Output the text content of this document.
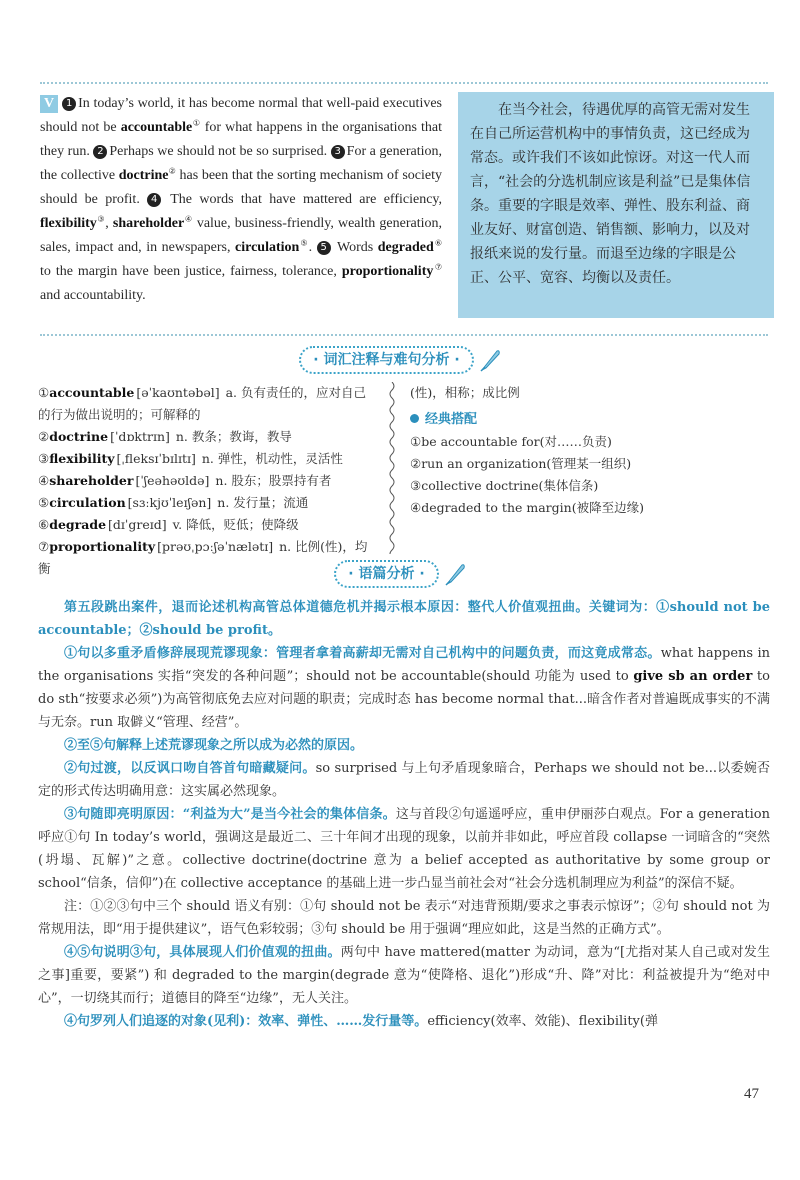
V 1 In today’s world, it has become normal that well-paid executives should not be accountable① for what happens in the organisations that they run. 2 Perhaps we should not be so surprised. 3 For a generation, the collective doctrine② has been that the sorting mechanism of society should be profit. 4 The words that have mattered are efficiency, flexibility③, shareholder④ value, business-friendly, wealth generation, sales, impact and, in newspapers, circulation⑤. 5 Words degraded⑥ to the margin have been justice, fairness, tolerance, proportionality⑦ and accountability.
在当今社会，待遇优厚的高管无需对发生在自己所运营机构中的事情负责，这已经成为常态。或许我们不该如此惊讶。对这一代人而言，“社会的分选机制应该是利益”已是集体信条。重要的字眼是效率、弹性、股东利益、商业友好、财富创造、销售额、影响力，以及对报纸来说的发行量。而退至边缘的字眼是公正、公平、宽容、均衡以及责任。
· 词汇注释与难句分析 ·
①accountable [əˈkaʊntəbəl] a. 负有责任的，应对自己的行为做出说明的；可解释的
②doctrine [ˈdɒktrɪn] n. 教条；教诲，教导
③flexibility [ˌfleksɪˈbɪlɪtɪ] n. 弹性，机动性，灵活性
④shareholder [ˈʃeəhəʊldə] n. 股东；股票持有者
⑤circulation [sɜːkjʊˈleɪʃən] n. 发行量；流通
⑥degrade [dɪˈgreɪd] v. 降低，贬低；使降级
⑦proportionality [prəʊˌpɔːʃəˈnælətɪ] n. 比例(性)，均衡
(性)，相称；成比例
经典搭配
①be accountable for(对……负责)
②run an organization(管理某一组织)
③collective doctrine(集体信条)
④degraded to the margin(被降至边缘)
· 语篇分析 ·

第五段跳出案件，退而论述机构高管总体道德危机并揭示根本原因：整代人价值观扭曲。关键词为：①should not be accountable；②should be profit。

①句以多重矛盾修辞展现荒谬现象：管理者拿着高薪却无需对自己机构中的问题负责，而这竟成常态。what happens in the organisations 实指“突发的各种问题”；should not be accountable(should 功能为 used to give sb an order to do sth“按要求必须”)为高管彻底免去应对问题的职责；完成时态 has become normal that...暗含作者对普遍既成事实的不满与无奈。run 取僻义“管理、经营”。

②至⑤句解释上述荒谬现象之所以成为必然的原因。

②句过渡，以反讽口吻自答首句暗藏疑问。so surprised 与上句矛盾现象暗合，Perhaps we should not be...以委婉否定的形式传达明确用意：这实属必然现象。

③句随即亮明原因：“利益为大”是当今社会的集体信条。这与首段②句遥遥呼应，重申伊丽莎白观点。For a generation 呼应①句 In today’s world，强调这是最近二、三十年间才出现的现象，以前并非如此，呼应首段 collapse 一词暗含的“突然(坍塌、瓦解)”之意。collective doctrine(doctrine 意为 a belief accepted as authoritative by some group or school“信条，信仰”)在 collective acceptance 的基础上进一步凸显当前社会对“社会分选机制理应为利益”的深信不疑。

注：①②③句中三个 should 语义有别：①句 should not be 表示“对违背预期/要求之事表示惊讶”；②句 should not 为常规用法，即“用于提供建议”，语气色彩较弱；③句 should be 用于强调“理应如此，这是当然的正确方式”。

④⑤句说明③句，具体展现人们价值观的扭曲。两句中 have mattered(matter 为动词，意为“[尤指对某人自己或对发生之事]重要，要紧”) 和 degraded to the margin(degrade 意为“使降格、退化”)形成“升、降”对比：利益被提升为“绝对中心”，一切绕其而行；道德目的降至“边缘”，无人关注。

④句罗列人们追逐的对象(见利)：效率、弹性、……发行量等。efficiency(效率、效能)、flexibility(弹

47
